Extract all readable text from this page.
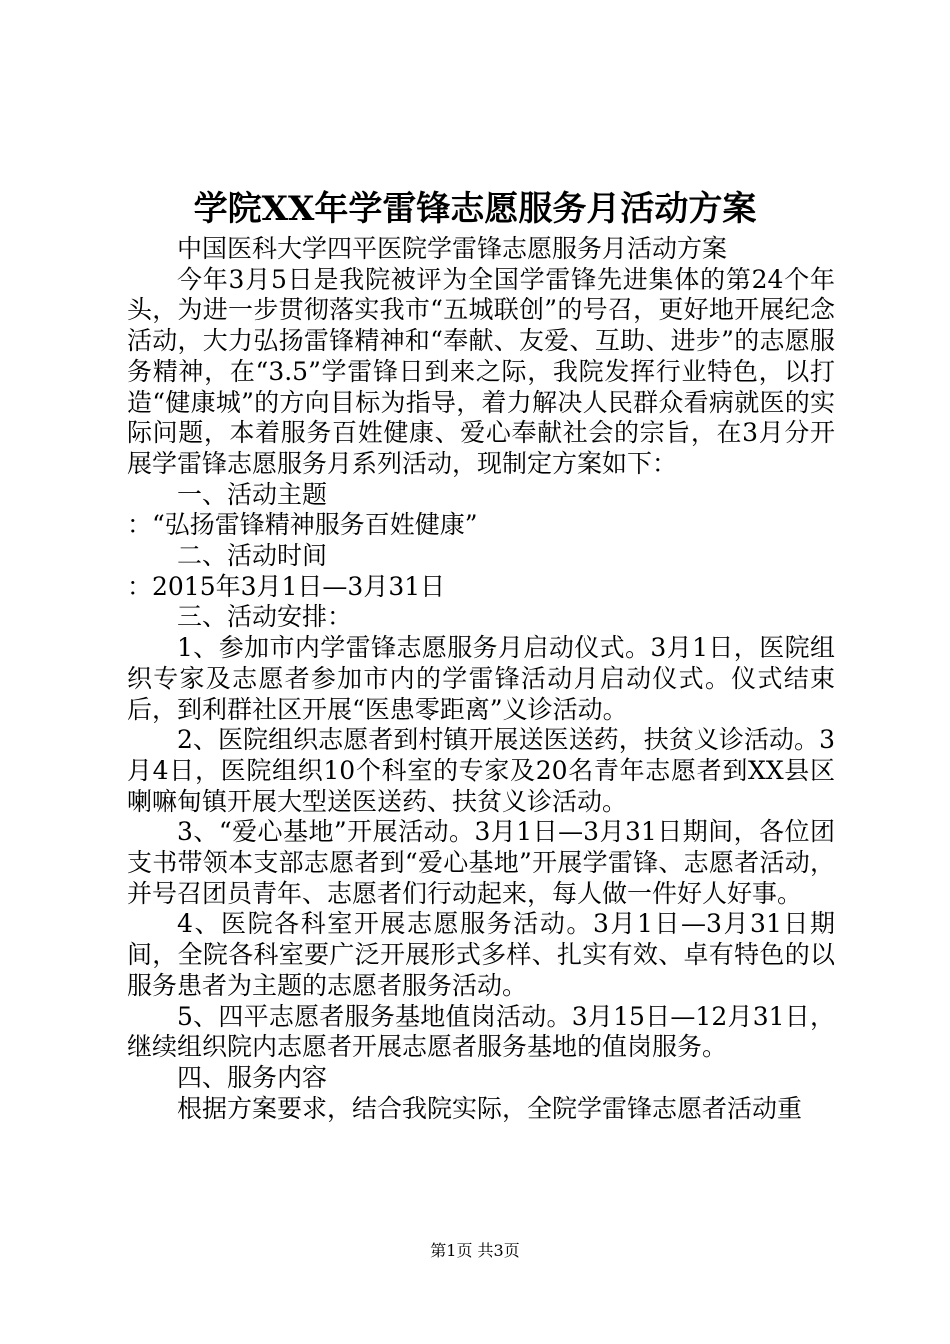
学院XX年学雷锋志愿服务月活动方案

中国医科大学四平医院学雷锋志愿服务月活动方案

今年3月5日是我院被评为全国学雷锋先进集体的第24个年头，为进一步贯彻落实我市“五城联创”的号召，更好地开展纪念活动，大力弘扬雷锋精神和“奉献、友爱、互助、进步”的志愿服务精神，在“3.5”学雷锋日到来之际，我院发挥行业特色，以打造“健康城”的方向目标为指导，着力解决人民群众看病就医的实际问题，本着服务百姓健康、爱心奉献社会的宗旨，在3月分开展学雷锋志愿服务月系列活动，现制定方案如下：

一、活动主题

：“弘扬雷锋精神服务百姓健康”

二、活动时间

：2015年3月1日—3月31日

三、活动安排：

1、参加市内学雷锋志愿服务月启动仪式。3月1日，医院组织专家及志愿者参加市内的学雷锋活动月启动仪式。仪式结束后，到利群社区开展“医患零距离”义诊活动。

2、医院组织志愿者到村镇开展送医送药，扶贫义诊活动。3月4日，医院组织10个科室的专家及20名青年志愿者到XX县区喇嘛甸镇开展大型送医送药、扶贫义诊活动。

3、“爱心基地”开展活动。3月1日—3月31日期间，各位团支书带领本支部志愿者到“爱心基地”开展学雷锋、志愿者活动，并号召团员青年、志愿者们行动起来，每人做一件好人好事。

4、医院各科室开展志愿服务活动。3月1日—3月31日期间，全院各科室要广泛开展形式多样、扎实有效、卓有特色的以服务患者为主题的志愿者服务活动。

5、四平志愿者服务基地值岗活动。3月15日—12月31日，继续组织院内志愿者开展志愿者服务基地的值岗服务。

四、服务内容

根据方案要求，结合我院实际，全院学雷锋志愿者活动重

第1页 共3页
